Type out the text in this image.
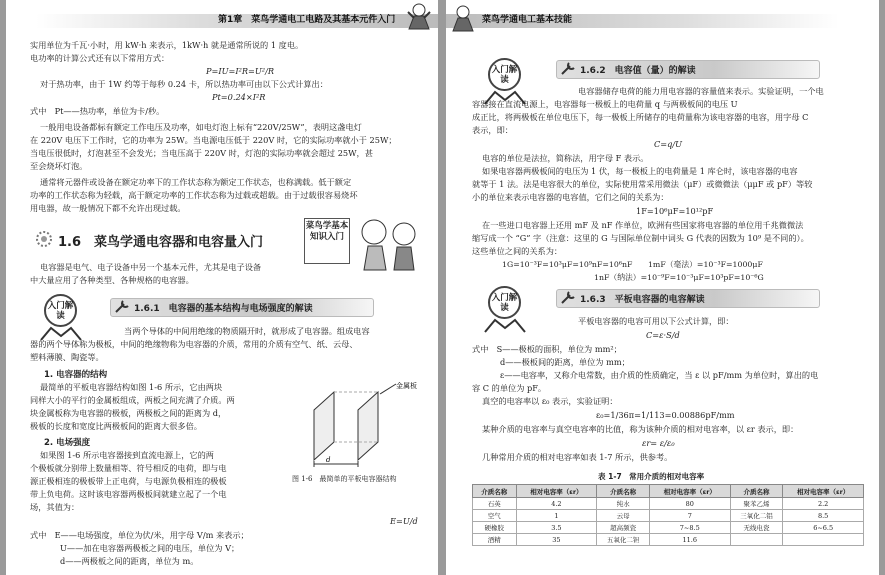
第1章　菜鸟学通电工电路及其基本元件入门
实用单位为千瓦·小时，用 kW·h 来表示，1kW·h 就是通常所说的 1 度电。
电功率的计算公式还有以下常用方式：
P=IU=I²R=U²/R
对于热功率，由于 1W 约等于每秒 0.24 卡，所以热功率可由以下公式计算出：
Pt=0.24×I²R
式中　Pt——热功率，单位为卡/秒。
一般用电设备都标有额定工作电压及功率，如电灯泡上标有“220V/25W”，表明这盏电灯
在 220V 电压下工作时，它的功率为 25W。当电源电压低于 220V 时，它的实际功率就小于 25W；
当电压很低时，灯泡甚至不会发光；当电压高于 220V 时，灯泡的实际功率就会超过 25W，甚
至会烧坏灯泡。
通常将元器件或设备在额定功率下的工作状态称为额定工作状态，也称满载。低于额定
功率的工作状态称为轻载，高于额定功率的工作状态称为过载或超载。由于过载很容易烧坏
用电器，故一般情况下都不允许出现过载。
1.6　菜鸟学通电容器和电容量入门
菜鸟学基本知识入门
电容器是电气、电子设备中另一个基本元件，尤其是电子设备
中大量应用了各种类型、各种规格的电容器。
入门解读
1.6.1　电容器的基本结构与电场强度的解读
当两个导体的中间用绝缘的物质隔开时，就形成了电容器。组成电容
器的两个导体称为极板，中间的绝缘物称为电容器的介质，常用的介质有空气、纸、云母、
塑料薄膜、陶瓷等。
1. 电容器的结构
最简单的平板电容器结构如图 1-6 所示，它由两块
同样大小的平行的金属板组成，两板之间充满了介质。两
块金属板称为电容器的极板，两极板之间的距离为 d，
极板的长度和宽度比两极板间的距离大很多倍。
2. 电场强度
如果图 1-6 所示电容器接到直流电源上，它的两
个极板就分别带上数量相等、符号相反的电荷，即与电
源正极相连的极板带上正电荷，与电源负极相连的极板
带上负电荷。这时该电容器两极板间就建立起了一个电
场，其值为：
d
金属板
图 1-6　最简单的平板电容器结构
E=U/d
式中　E——电场强度，单位为伏/米，用字母 V/m 来表示；
U——加在电容器两极板之间的电压，单位为 V；
d——两极板之间的距离，单位为 m。
菜鸟学通电工基本技能
入门解读
1.6.2　电容值（量）的解读
电容器储存电荷的能力用电容器的容量值来表示。实验证明，一个电
容器接在直流电源上，电容器每一极板上的电荷量 q 与两极板间的电压 U
成正比，将两极板在单位电压下，每一极板上所储存的电荷量称为该电容器的电容，用字母 C
表示，即：
C=q/U
电容的单位是法拉，简称法，用字母 F 表示。
如果电容器两极板间的电压为 1 伏，每一极板上的电荷量是 1 库仑时，该电容器的电容
就等于 1 法。法是电容很大的单位，实际使用常采用微法（μF）或微微法（μμF 或 pF）等较
小的单位来表示电容器的电容值，它们之间的关系为：
1F=10⁶μF=10¹²pF
在一些进口电容器上还用 mF 及 nF 作单位，欧洲有些国家将电容器的单位用千兆微微法
缩写成一个 “G” 字（注意：这里的 G 与国际单位制中词头 G 代表的因数为 10⁹ 是不同的）。
这些单位之间的关系为：
1G=10⁻³F=10³μF=10⁹nF=10⁶nF　　1mF（毫法）=10⁻³F=1000μF
1nF（纳法）=10⁻⁹F=10⁻³μF=10³pF=10⁻⁶G
入门解读
1.6.3　平板电容器的电容解读
平板电容器的电容可用以下公式计算，即：
C=ε·S/d
式中　S——极板的面积，单位为 mm²；
d——极板间的距离，单位为 mm；
ε——电容率，又称介电常数，由介质的性质确定，当 ε 以 pF/mm 为单位时，算出的电
容 C 的单位为 pF。
真空的电容率以 ε₀ 表示，实验证明：
ε₀=1/36π=1/113=0.00886pF/mm
某种介质的电容率与真空电容率的比值，称为该种介质的相对电容率，以 εr 表示，即：
εr= ε/ε₀
几种常用介质的相对电容率如表 1-7 所示，供参考。
表 1-7　常用介质的相对电容率
介质名称	相对电容率（εr）	介质名称	相对电容率（εr）	介质名称	相对电容率（εr）
石英	4.2	纯水	80	聚苯乙烯	2.2
空气	1	云母	7	三氧化二铝	8.5
硬橡胶	3.5	超高频瓷	7~8.5	无线电瓷	6~6.5
酒精	35	五氧化二钽	11.6		
